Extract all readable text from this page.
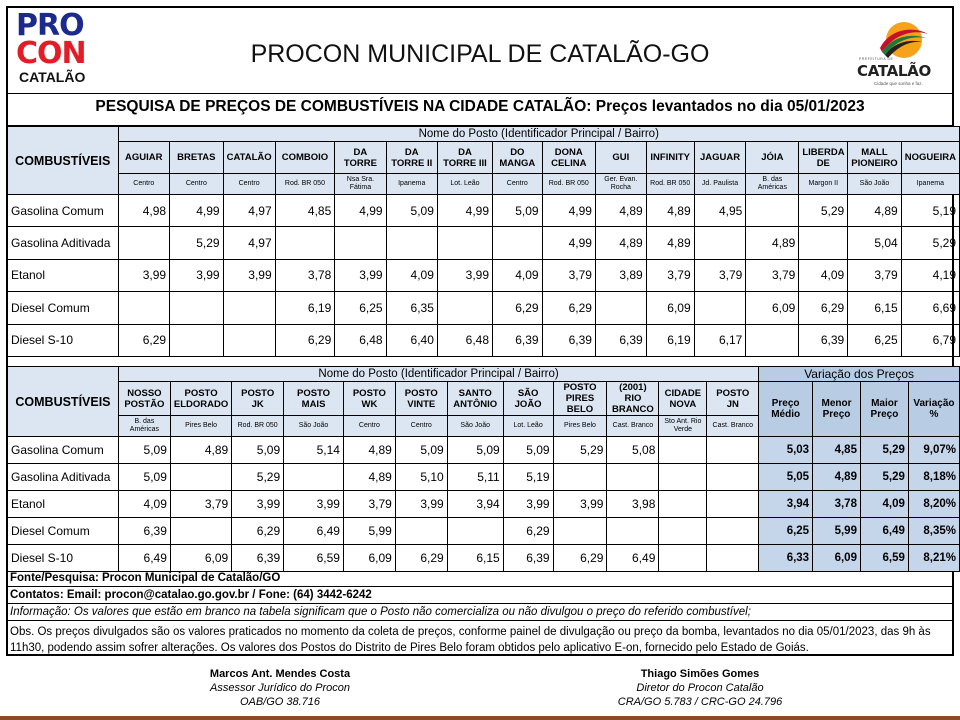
PRO
CON
CATALÃO
PROCON MUNICIPAL DE CATALÃO-GO	PREFEITURA DE
CATALÃO
Cidade que sonha e faz.
PESQUISA DE PREÇOS DE COMBUSTÍVEIS NA CIDADE CATALÃO: Preços levantados no dia 05/01/2023
COMBUSTÍVEIS	Nome do Posto (Identificador Principal / Bairro)															
	AGUIAR	BRETAS	CATALÃO	COMBOIO	DA TORRE	DA TORRE II	DA TORRE III	DO MANGA	DONA CELINA	GUI	INFINITY	JAGUAR	JÓIA	LIBERDA DE	MALL PIONEIRO	NOGUEIRA
	Centro	Centro	Centro	Rod. BR 050	Nsa Sra. Fátima	Ipanema	Lot. Leão	Centro	Rod. BR 050	Ger. Evan. Rocha	Rod. BR 050	Jd. Paulista	B. das Américas	Margon II	São João	Ipanema
Gasolina Comum	4,98	4,99	4,97	4,85	4,99	5,09	4,99	5,09	4,99	4,89	4,89	4,95		5,29	4,89	5,19
Gasolina Aditivada		5,29	4,97						4,99	4,89	4,89		4,89		5,04	5,29
Etanol	3,99	3,99	3,99	3,78	3,99	4,09	3,99	4,09	3,79	3,89	3,79	3,79	3,79	4,09	3,79	4,19
Diesel Comum				6,19	6,25	6,35		6,29	6,29		6,09		6,09	6,29	6,15	6,69
Diesel S-10	6,29			6,29	6,48	6,40	6,48	6,39	6,39	6,39	6,19	6,17		6,39	6,25	6,79
COMBUSTÍVEIS	Nome do Posto (Identificador Principal / Bairro)												Variação dos Preços			
	NOSSO POSTÃO	POSTO ELDORADO	POSTO JK	POSTO MAIS	POSTO WK	POSTO VINTE	SANTO ANTÔNIO	SÃO JOÃO	POSTO PIRES BELO	(2001) RIO BRANCO	CIDADE NOVA	POSTO JN	Preço Médio	Menor Preço	Maior Preço	Variação %
	B. das Américas	Pires Belo	Rod. BR 050	São João	Centro	Centro	São João	Lot. Leão	Pires Belo	Cast. Branco	Sto Ant. Rio Verde	Cast. Branco				
Gasolina Comum	5,09	4,89	5,09	5,14	4,89	5,09	5,09	5,09	5,29	5,08			5,03	4,85	5,29	9,07%
Gasolina Aditivada	5,09		5,29		4,89	5,10	5,11	5,19					5,05	4,89	5,29	8,18%
Etanol	4,09	3,79	3,99	3,99	3,79	3,99	3,94	3,99	3,99	3,98			3,94	3,78	4,09	8,20%
Diesel Comum	6,39		6,29	6,49	5,99			6,29					6,25	5,99	6,49	8,35%
Diesel S-10	6,49	6,09	6,39	6,59	6,09	6,29	6,15	6,39	6,29	6,49			6,33	6,09	6,59	8,21%
Fonte/Pesquisa: Procon Municipal de Catalão/GO
Contatos: Email: procon@catalao.go.gov.br / Fone: (64) 3442-6242
Informação: Os valores que estão em branco na tabela significam que o Posto não comercializa ou não divulgou o preço do referido combustível;
Obs. Os preços divulgados são os valores praticados no momento da coleta de preços, conforme painel de divulgação ou preço da bomba, levantados no dia 05/01/2023, das 9h às 11h30, podendo assim sofrer alterações. Os valores dos Postos do Distrito de Pires Belo foram obtidos pelo aplicativo E-on, fornecido pelo Estado de Goiás.
Marcos Ant. Mendes Costa
Assessor Jurídico do Procon
OAB/GO 38.716
Thiago Simões Gomes
Diretor do Procon Catalão
CRA/GO 5.783 / CRC-GO 24.796
